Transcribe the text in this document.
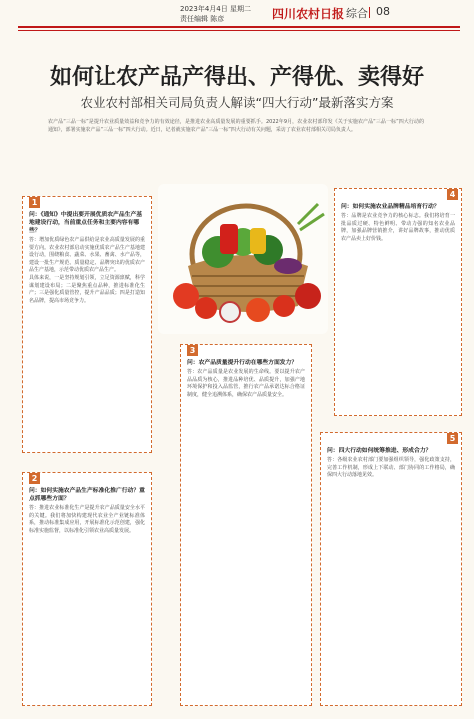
2023年4月4日 星期二
责任编辑 陈彦	四川农村日报 综合 08
如何让农产品产得出、产得优、卖得好
农业农村部相关司局负责人解读“四大行动”最新落实方案
农产品“三品一标”是提升农业质量效益和竞争力的有效途径，是推进农业高质量发展的重要抓手。2022年9月，农业农村部印发《关于实施农产品“三品一标”四大行动的通知》，部署实施农产品“三品一标”四大行动。近日，记者就实施农产品“三品一标”四大行动有关问题，采访了农业农村部相关司局负责人。
1
问：《通知》中提出要开展优质农产品生产基地建设行动，当前重点任务和主要内容有哪些？
答：增加优质绿色农产品供给是农业高质量发展的重要方向。农业农村部启动实施优质农产品生产基地建设行动，围绕粮食、蔬菜、水果、畜禽、水产品等，建设一批生产规范、质量稳定、品牌突出的优质农产品生产基地，示范带动优质农产品生产。
具体来说，一是坚持规划引领，立足资源禀赋，科学谋划建设布局；二是聚焦重点品种，推进标准化生产；三是强化质量管控，提升产品品质；四是打造知名品牌，提高市场竞争力。
2
问：如何实施农产品生产标准化推广行动？重点抓哪些方面？
答：推进农业标准化生产是提升农产品质量安全水平的关键。我们将加快构建现代农业全产业链标准体系，推动标准集成应用，开展标准化示范创建，强化标准实施监督，以标准化引领农业高质量发展。
3
问：农产品质量提升行动在哪些方面发力？
答：农产品质量是农业发展的生命线。要以提升农产品品质为核心，推进品种培优、品质提升，加强产地环境保护和投入品监管，推行农产品承诺达标合格证制度，健全追溯体系，确保农产品质量安全。
4
问：如何实施农业品牌精品培育行动？
答：品牌是农业竞争力的核心标志。我们将培育一批品质过硬、特色鲜明、带动力强的知名农业品牌，加强品牌营销推介，讲好品牌故事，推动优质农产品卖上好价钱。
5
问：四大行动如何统筹推进、形成合力？
答：各级农业农村部门要加强组织领导，强化政策支持，完善工作机制，形成上下联动、部门协同的工作格局，确保四大行动落地见效。
